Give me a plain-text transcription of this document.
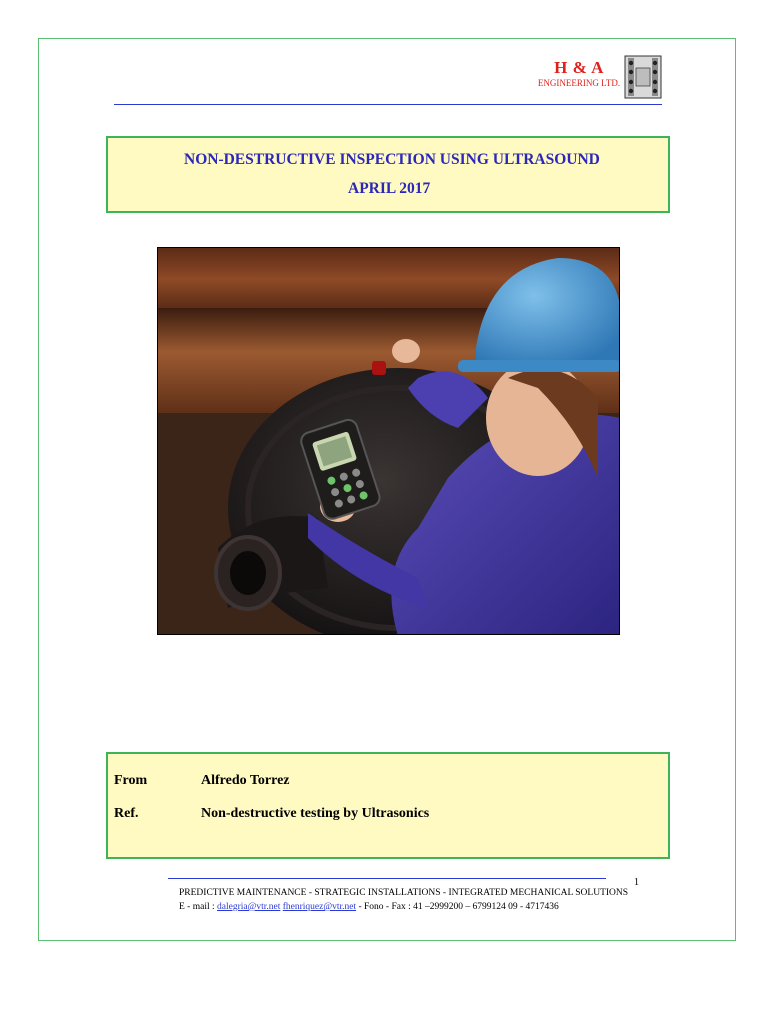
H & A
ENGINEERING LTD.
NON-DESTRUCTIVE INSPECTION USING ULTRASOUND
APRIL 2017
From	Alfredo Torrez
Ref.	Non-destructive testing by Ultrasonics
1
PREDICTIVE MAINTENANCE - STRATEGIC INSTALLATIONS - INTEGRATED MECHANICAL SOLUTIONS
E - mail : dalegria@vtr.net fhenriquez@vtr.net - Fono - Fax : 41 –2999200 – 6799124 09 - 4717436
